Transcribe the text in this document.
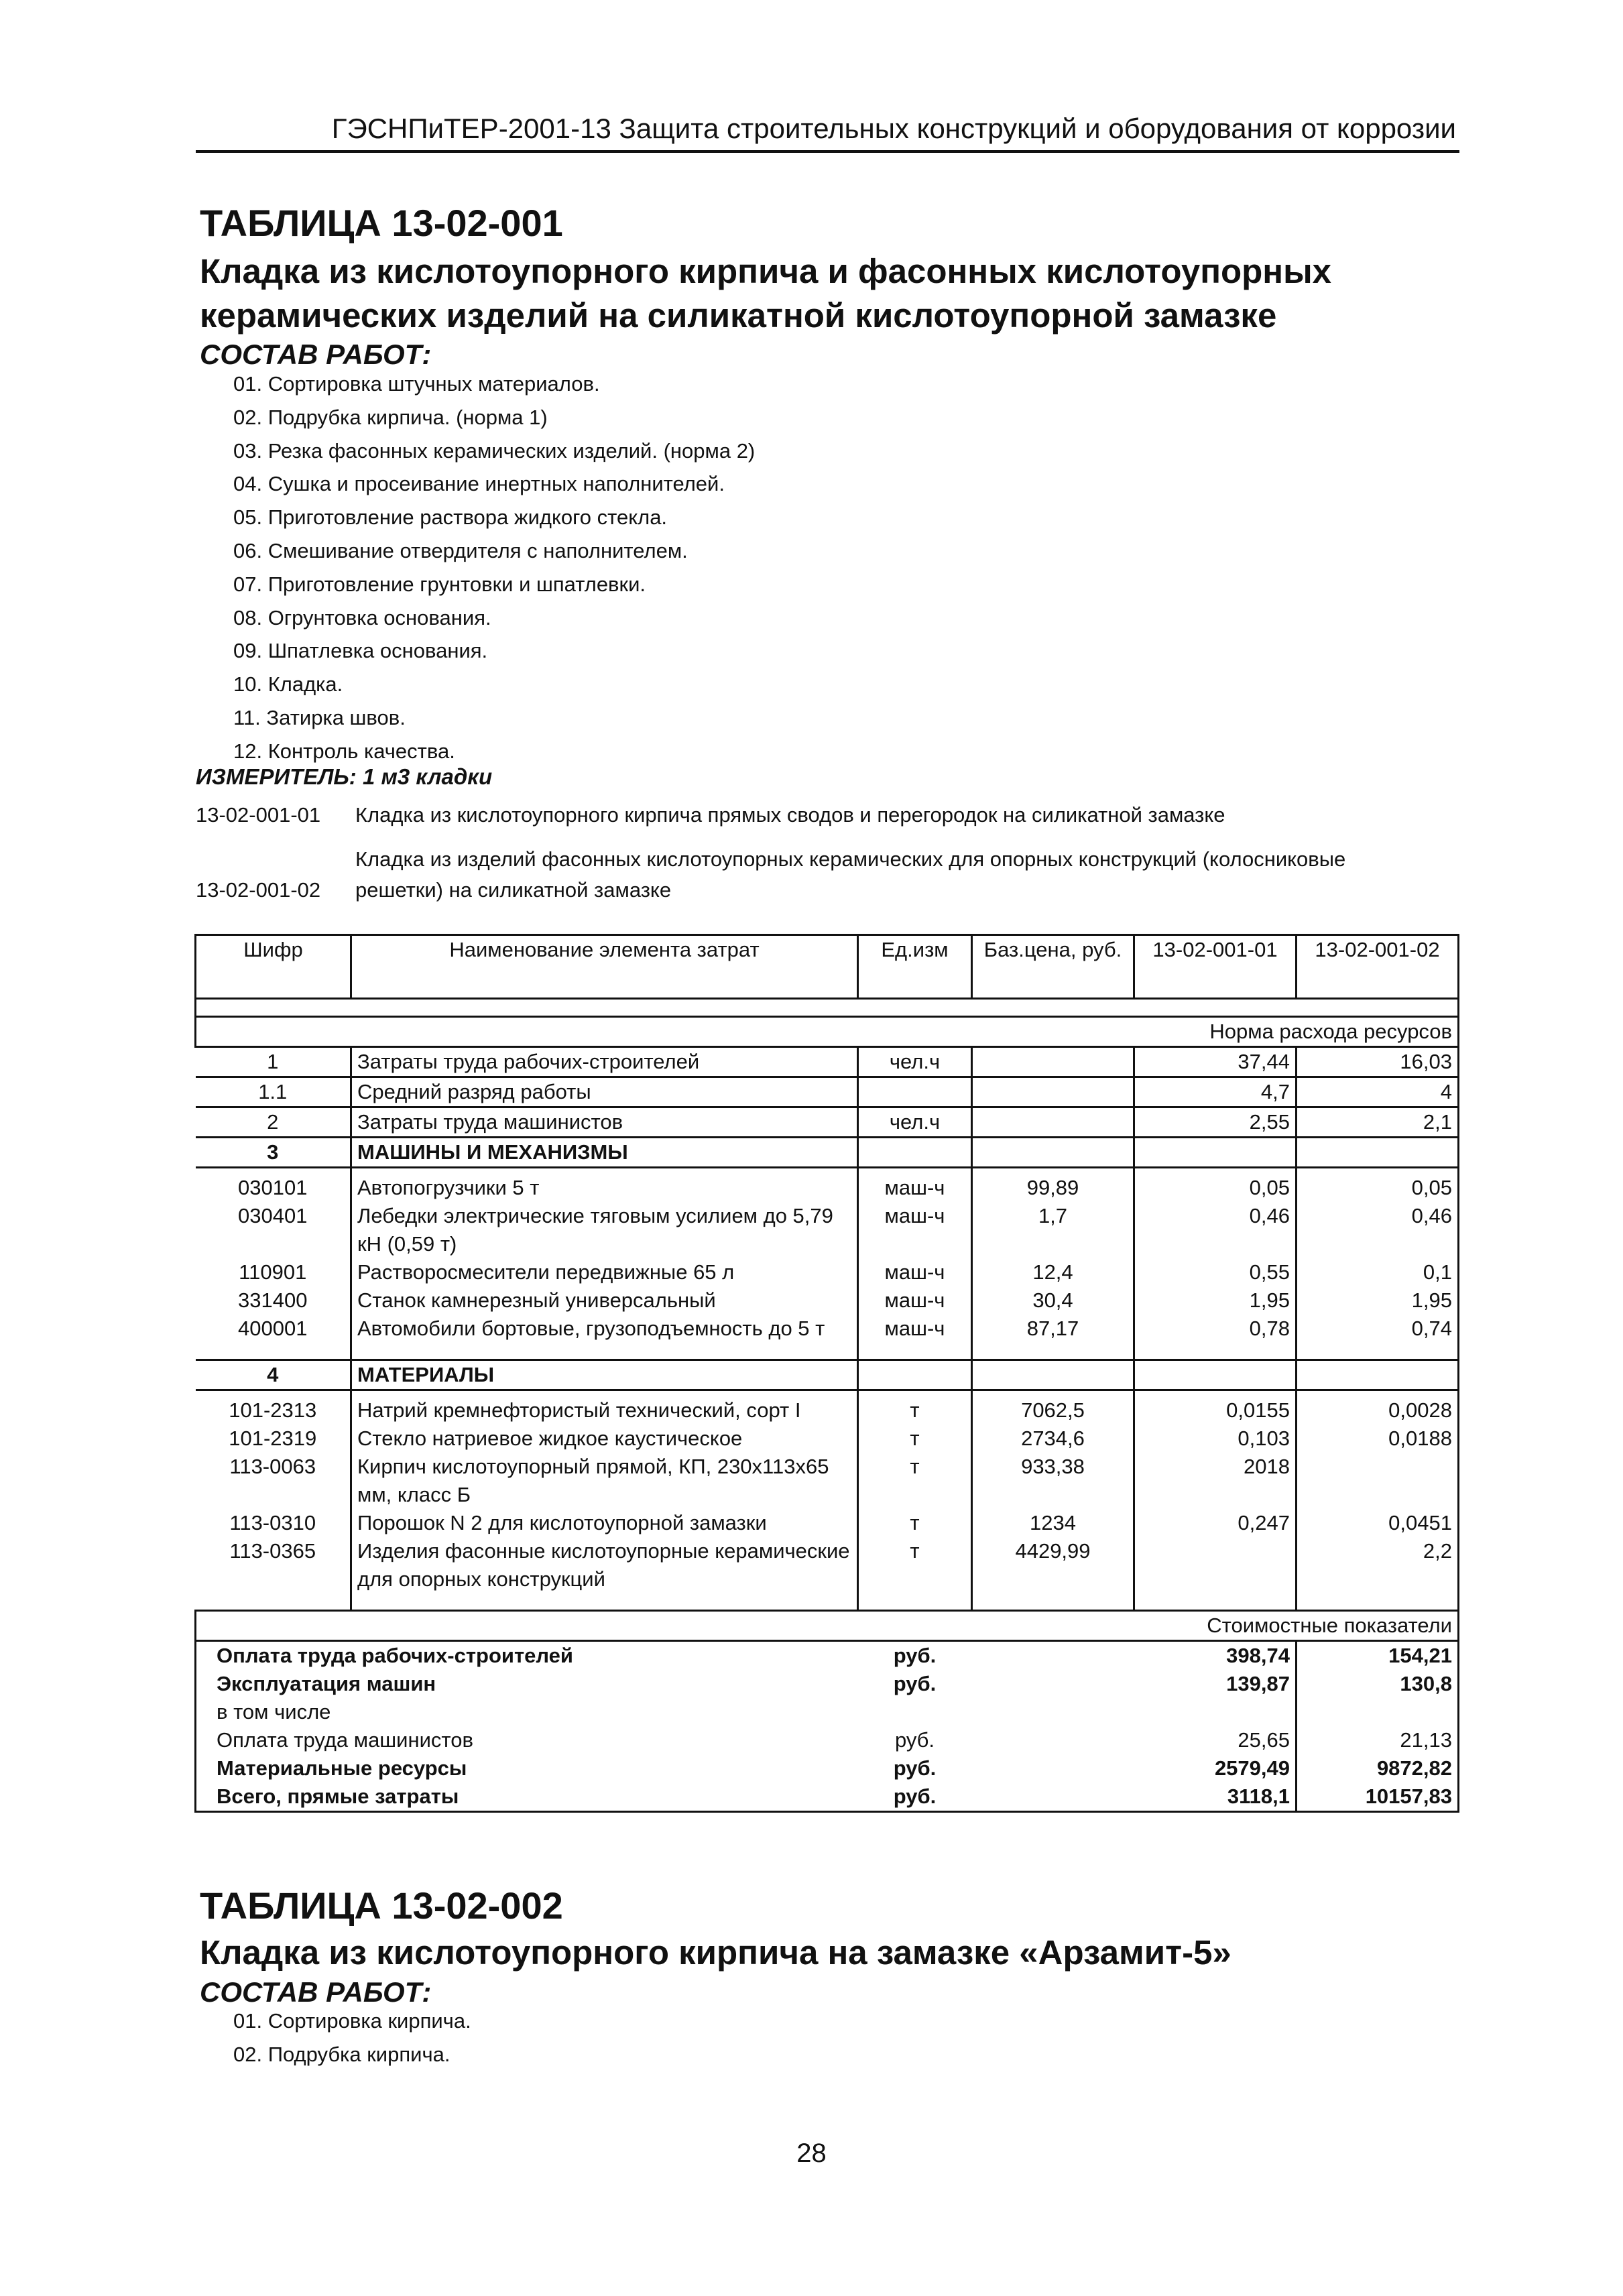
ГЭСНПиТЕР-2001-13 Защита строительных конструкций и оборудования от коррозии
ТАБЛИЦА 13-02-001
Кладка из кислотоупорного кирпича и фасонных кислотоупорных
керамических изделий на силикатной кислотоупорной замазке
СОСТАВ РАБОТ:
01. Сортировка штучных материалов.
02. Подрубка кирпича. (норма 1)
03. Резка фасонных керамических изделий. (норма 2)
04. Сушка и просеивание инертных наполнителей.
05. Приготовление раствора жидкого стекла.
06. Смешивание отвердителя с наполнителем.
07. Приготовление грунтовки и шпатлевки.
08. Огрунтовка основания.
09. Шпатлевка основания.
10. Кладка.
11. Затирка швов.
12. Контроль качества.
ИЗМЕРИТЕЛЬ: 1 м3 кладки
13-02-001-01 Кладка из кислотоупорного кирпича прямых сводов и перегородок на силикатной замазке
Кладка из изделий фасонных кислотоупорных керамических для опорных конструкций (колосниковые
13-02-001-02 решетки) на силикатной замазке
Шифр	Наименование элемента затрат	Ед.изм	Баз.цена, руб.	13-02-001-01	13-02-001-02

Норма расхода ресурсов					
1	Затраты труда рабочих-строителей	чел.ч		37,44	16,03
1.1	Средний разряд работы			4,7	4
2	Затраты труда машинистов	чел.ч		2,55	2,1
3	МАШИНЫ И МЕХАНИЗМЫ				
030101	Автопогрузчики 5 т	маш-ч	99,89	0,05	0,05
030401	Лебедки электрические тяговым усилием до 5,79 кН (0,59 т)	маш-ч	1,7	0,46	0,46
110901	Растворосмесители передвижные 65 л	маш-ч	12,4	0,55	0,1
331400	Станок камнерезный универсальный	маш-ч	30,4	1,95	1,95
400001	Автомобили бортовые, грузоподъемность до 5 т	маш-ч	87,17	0,78	0,74

4	МАТЕРИАЛЫ				
101-2313	Натрий кремнефтористый технический, сорт I	т	7062,5	0,0155	0,0028
101-2319	Стекло натриевое жидкое каустическое	т	2734,6	0,103	0,0188
113-0063	Кирпич кислотоупорный прямой, КП, 230х113х65 мм, класс Б	т	933,38	2018	
113-0310	Порошок N 2 для кислотоупорной замазки	т	1234	0,247	0,0451
113-0365	Изделия фасонные кислотоупорные керамические для опорных конструкций	т	4429,99		2,2

Стоимостные показатели					
Оплата труда рабочих-строителей		руб.		398,74	154,21
Эксплуатация машин		руб.		139,87	130,8
в том числе					
Оплата труда машинистов		руб.		25,65	21,13
Материальные ресурсы		руб.		2579,49	9872,82
Всего, прямые затраты		руб.		3118,1	10157,83
ТАБЛИЦА 13-02-002
Кладка из кислотоупорного кирпича на замазке «Арзамит-5»
СОСТАВ РАБОТ:
01. Сортировка кирпича.
02. Подрубка кирпича.
28
